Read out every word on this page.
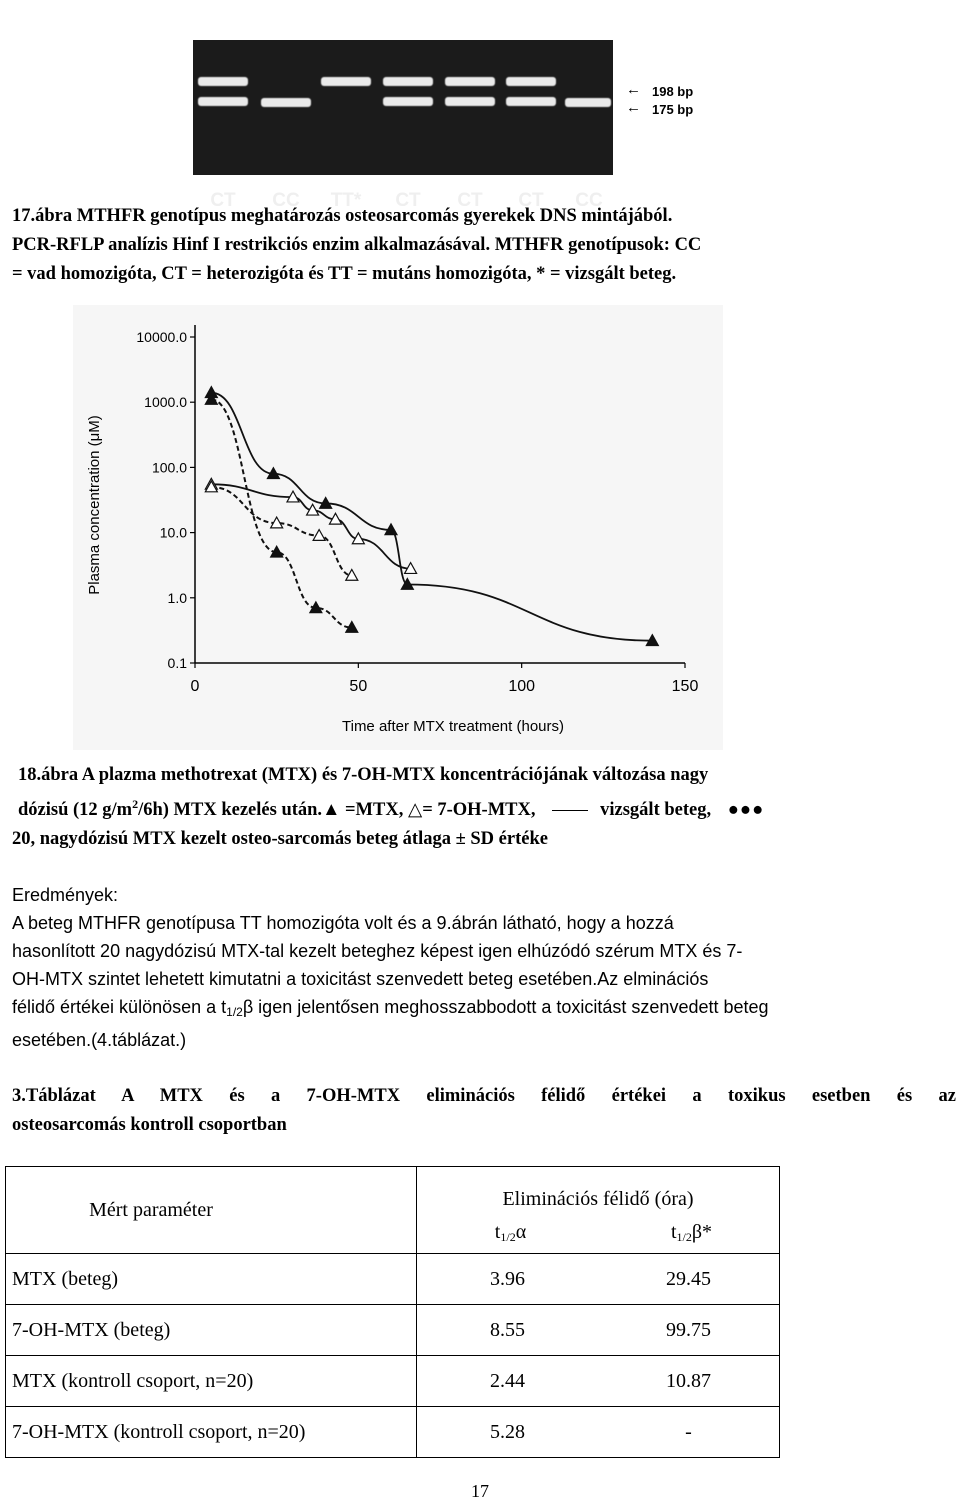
CT	CC	TT*	CT	CT	CT	CC
← 198 bp
← 175 bp
17.ábra MTHFR genotípus meghatározás osteosarcomás gyerekek DNS mintájából.
PCR-RFLP analízis Hinf I restrikciós enzim alkalmazásával. MTHFR genotípusok: CC
= vad homozigóta, CT = heterozigóta és TT = mutáns homozigóta, * = vizsgált beteg.
10000.0
1000.0
100.0
10.0
1.0
0.1
0	50	100	150
Plasma concentration (μM)
Time after MTX treatment (hours)
18.ábra A plazma methotrexat (MTX) és 7-OH-MTX koncentrációjának változása nagy
dózisú (12 $g/m^2/6h$) MTX kezelés után.▲ =MTX, △= 7-OH-MTX,	vizsgált beteg, ●●●
20, nagydózisú MTX kezelt osteo-sarcomás beteg átlaga ± SD értéke
Eredmények:
A beteg MTHFR genotípusa TT homozigóta volt és a 9.ábrán látható, hogy a hozzá
hasonlított 20 nagydózisú MTX-tal kezelt beteghez képest igen elhúzódó szérum MTX és 7-
OH-MTX szintet lehetett kimutatni a toxicitást szenvedett beteg esetében.Az elminációs
félidő értékei különösen a $t_{1/2}\beta$ igen jelentősen meghosszabbodott a toxicitást szenvedett beteg
esetében.(4.táblázat.)
3.Táblázat A MTX és a 7-OH-MTX eliminációs félidő értékei a toxikus esetben és az
osteosarcomás kontroll csoportban
Mért paraméter	Eliminációs félidő (óra)	
	$t_{1/2}\alpha$	$t_{1/2}\beta*$
MTX (beteg)	3.96	29.45
7-OH-MTX (beteg)	8.55	99.75
MTX (kontroll csoport, n=20)	2.44	10.87
7-OH-MTX (kontroll csoport, n=20)	5.28	-
17
